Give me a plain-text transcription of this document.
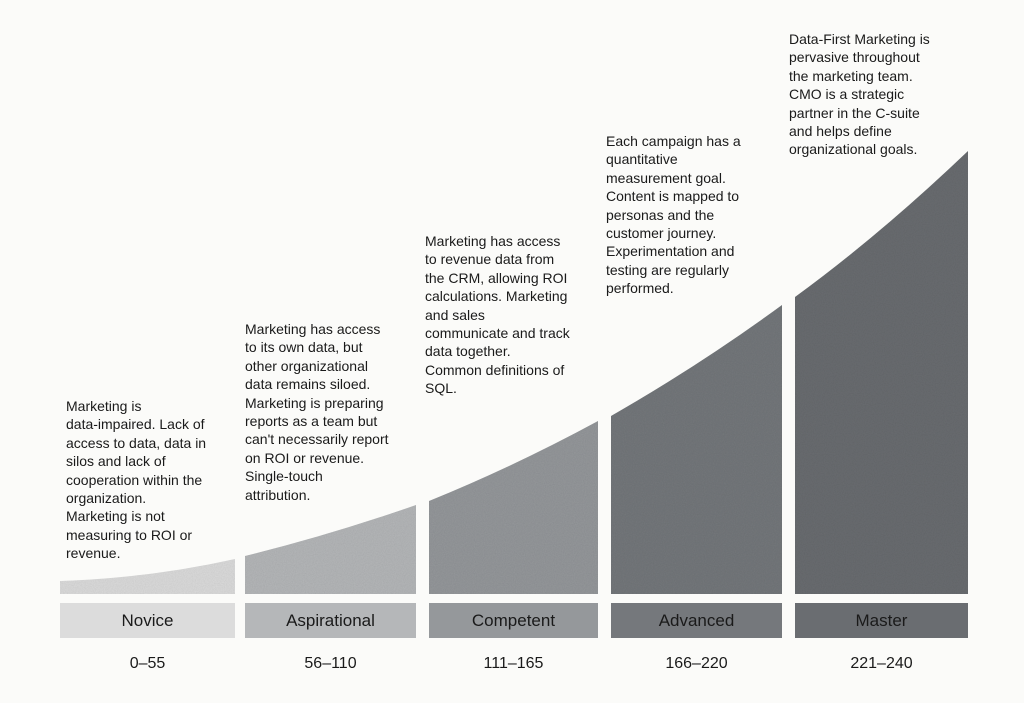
Marketing is
data-impaired. Lack of
access to data, data in
silos and lack of
cooperation within the
organization.
Marketing is not
measuring to ROI or
revenue.
Marketing has access
to its own data, but
other organizational
data remains siloed.
Marketing is preparing
reports as a team but
can't necessarily report
on ROI or revenue.
Single-touch
attribution.
Marketing has access
to revenue data from
the CRM, allowing ROI
calculations. Marketing
and sales
communicate and track
data together.
Common definitions of
SQL.
Each campaign has a
quantitative
measurement goal.
Content is mapped to
personas and the
customer journey.
Experimentation and
testing are regularly
performed.
Data-First Marketing is
pervasive throughout
the marketing team.
CMO is a strategic
partner in the C-suite
and helps define
organizational goals.
Novice	Aspirational	Competent	Advanced	Master
0–55	56–110	111–165	166–220	221–240
